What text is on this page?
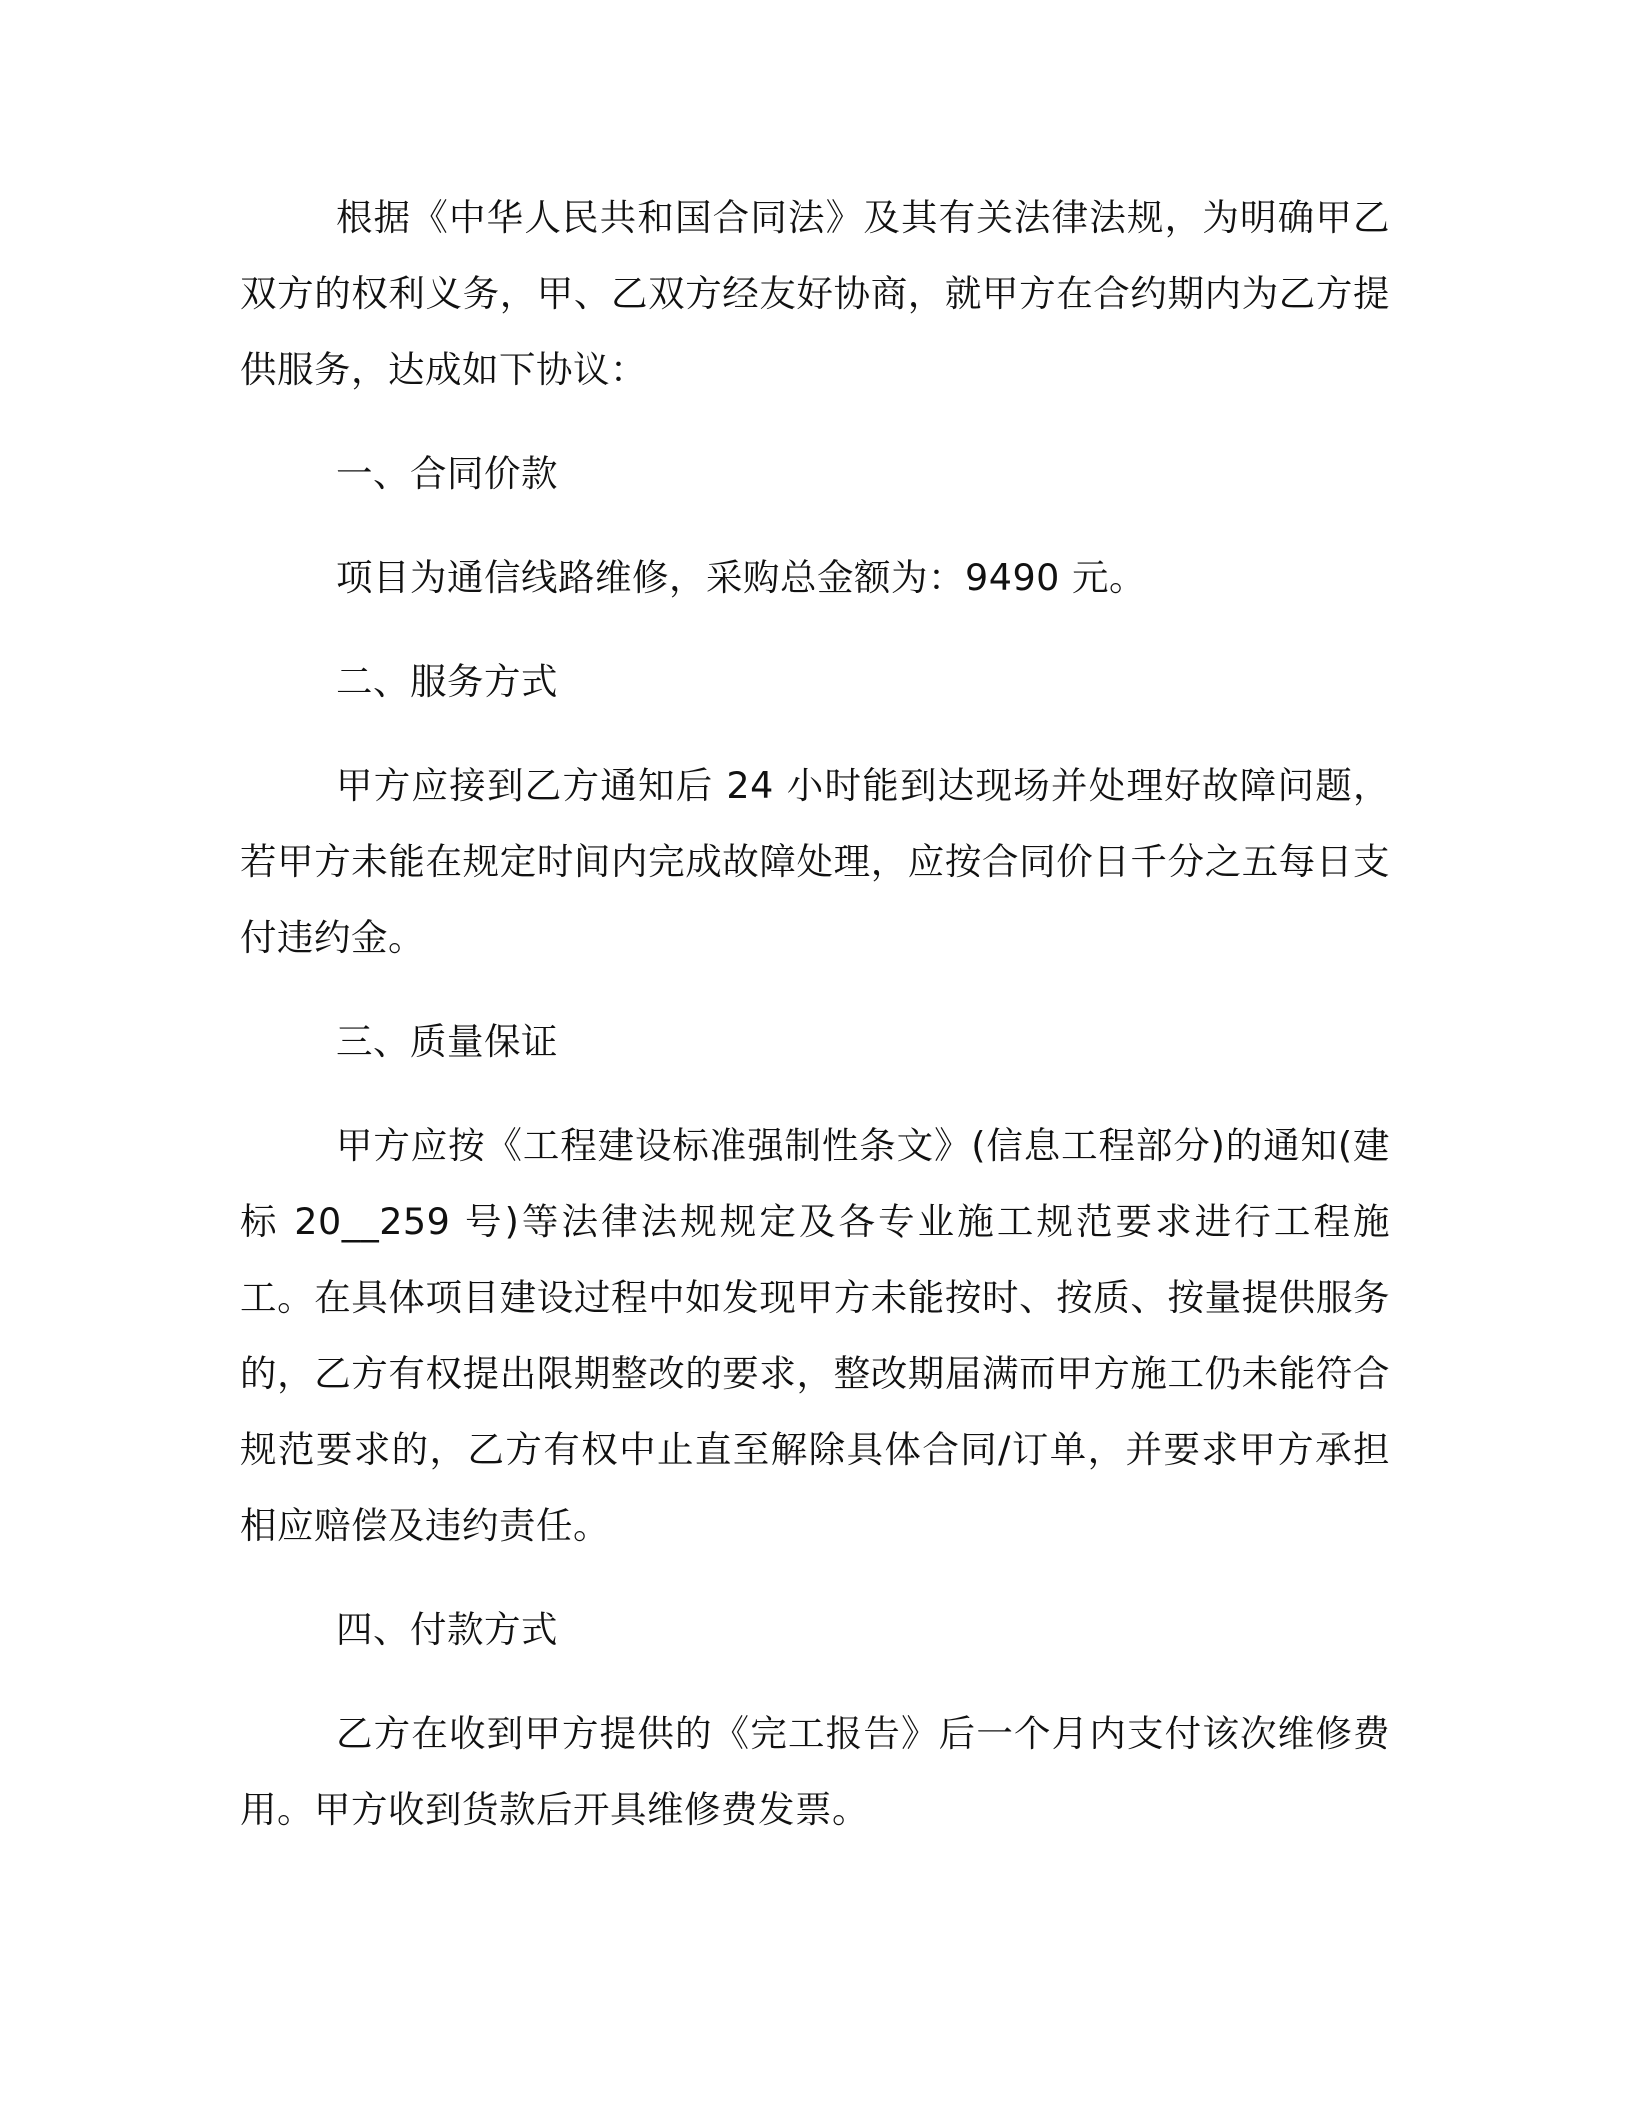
根据《中华人民共和国合同法》及其有关法律法规，为明确甲乙双方的权利义务，甲、乙双方经友好协商，就甲方在合约期内为乙方提供服务，达成如下协议：

一、合同价款

项目为通信线路维修，采购总金额为：9490 元。

二、服务方式

甲方应接到乙方通知后 24 小时能到达现场并处理好故障问题，若甲方未能在规定时间内完成故障处理，应按合同价日千分之五每日支付违约金。

三、质量保证

甲方应按《工程建设标准强制性条文》(信息工程部分)的通知(建标 20__259 号)等法律法规规定及各专业施工规范要求进行工程施工。在具体项目建设过程中如发现甲方未能按时、按质、按量提供服务的，乙方有权提出限期整改的要求，整改期届满而甲方施工仍未能符合规范要求的，乙方有权中止直至解除具体合同/订单，并要求甲方承担相应赔偿及违约责任。

四、付款方式

乙方在收到甲方提供的《完工报告》后一个月内支付该次维修费用。甲方收到货款后开具维修费发票。
